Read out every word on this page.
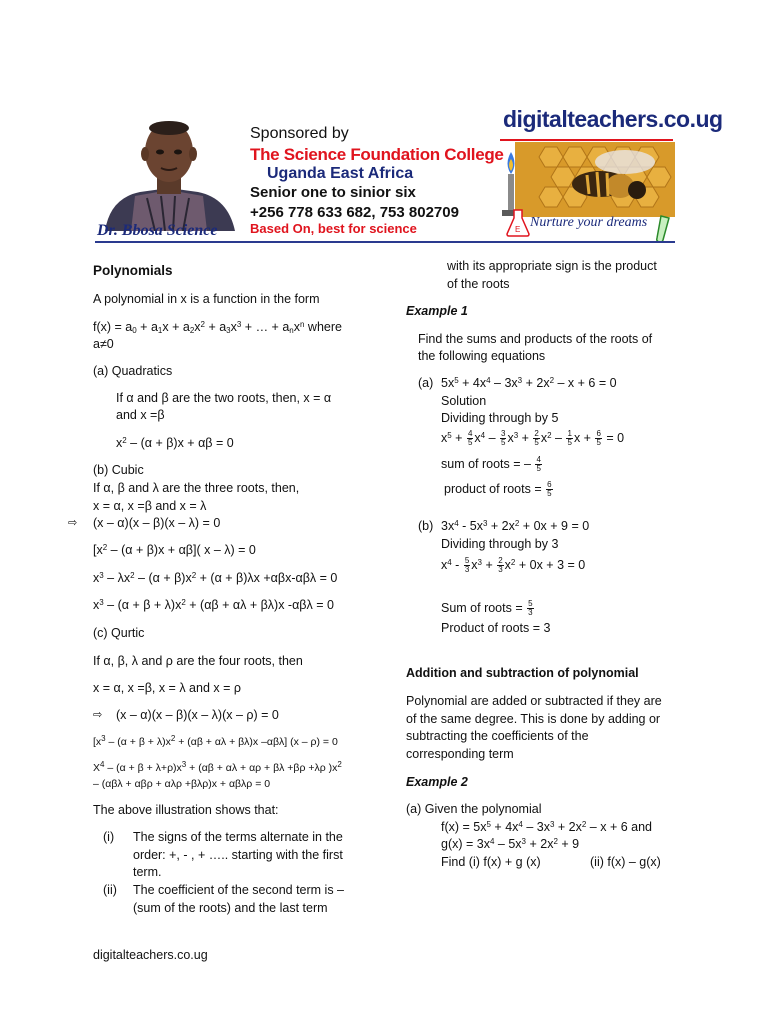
Sponsored by
The Science Foundation College
Uganda East Africa
Senior one to sinior six
+256 778 633 682, 753 802709
Based On, best for science
Dr. Bbosa Science
digitalteachers.co.ug
E Nurture your dreams
Polynomials
A polynomial in x is a function in the form
$f(x) = a_0 + a_1x + a_2x^2 + a_3x^3$ + … + $a_nx^n$ where
a≠0
(a) Quadratics
If α and β are the two roots, then, x = α
and x =β
$x^2 - (\alpha + \beta)x + \alpha\beta = 0$
(b) Cubic
If α, β and λ are the three roots, then,
x = α, x =β and x = λ
⇨ (x – α)(x – β)(x – λ) = 0
$[x^2 - (\alpha + \beta)x + \alpha\beta]$( x – λ) = 0
$x^3 - \lambda x^2 - (\alpha + \beta)x^2 + (\alpha + \beta)\lambda x +\alpha\beta x-\alpha\beta\lambda = 0$
$x^3 - (\alpha + \beta + \lambda)x^2 + (\alpha\beta + \alpha\lambda + \beta\lambda)x$ -αβλ = 0
(c) Qurtic
If α, β, λ and ρ are the four roots, then
x = α, x =β, x = λ and x = ρ
⇨ (x – α)(x – β)(x – λ)(x – ρ) = 0
[$x^3 - (\alpha + \beta + \lambda)x^2 + (\alpha\beta + \alpha\lambda + \beta\lambda)x$ –αβλ] (x – ρ) = 0
$X^4 - (\alpha + \beta + \lambda+\rho)x^3 + (\alpha\beta + \alpha\lambda + \alpha\rho + \beta\lambda +\beta\rho +\lambda\rho$ )$x^2$
– (αβλ + αβρ + αλρ +βλρ)x + αβλρ = 0
The above illustration shows that:
(i) The signs of the terms alternate in the
order: +, - , + ….. starting with the first
term.
(ii) The coefficient of the second term is –
(sum of the roots) and the last term
with its appropriate sign is the product
of the roots
Example 1
Find the sums and products of the roots of
the following equations
(a) $5x^5 + 4x^4 - 3x^3 + 2x^2 - x + 6 = 0$
Solution
Dividing through by 5
$x^5 + \frac{4}{5} x^4 - \frac{3}{5} x^3 + \frac{2}{5} x^2 - \frac{1}{5}$ $x + \frac{6}{5} = 0$
sum of roots = – $\frac{4}{5}$
product of roots = $\frac{6}{5}$
(b) $3x^4 - 5x^3 + 2x^2 + 0x + 9 = 0$
Dividing through by 3
$x^4 - \frac{5}{3} x^3 + \frac{2}{3} x^2 + 0x + 3 = 0$
Sum of roots = $\frac{5}{3}$
Product of roots = 3
Addition and subtraction of polynomial
Polynomial are added or subtracted if they are
of the same degree. This is done by adding or
subtracting the coefficients of the
corresponding term
Example 2
(a) Given the polynomial
$f(x) = 5x^5 + 4x^4 - 3x^3 + 2x^2 - x + 6$ and
$g(x) = 3x^4 - 5x^3 + 2x^2 + 9$
Find (i) f(x) + g (x)	(ii) f(x) – g(x)
digitalteachers.co.ug
